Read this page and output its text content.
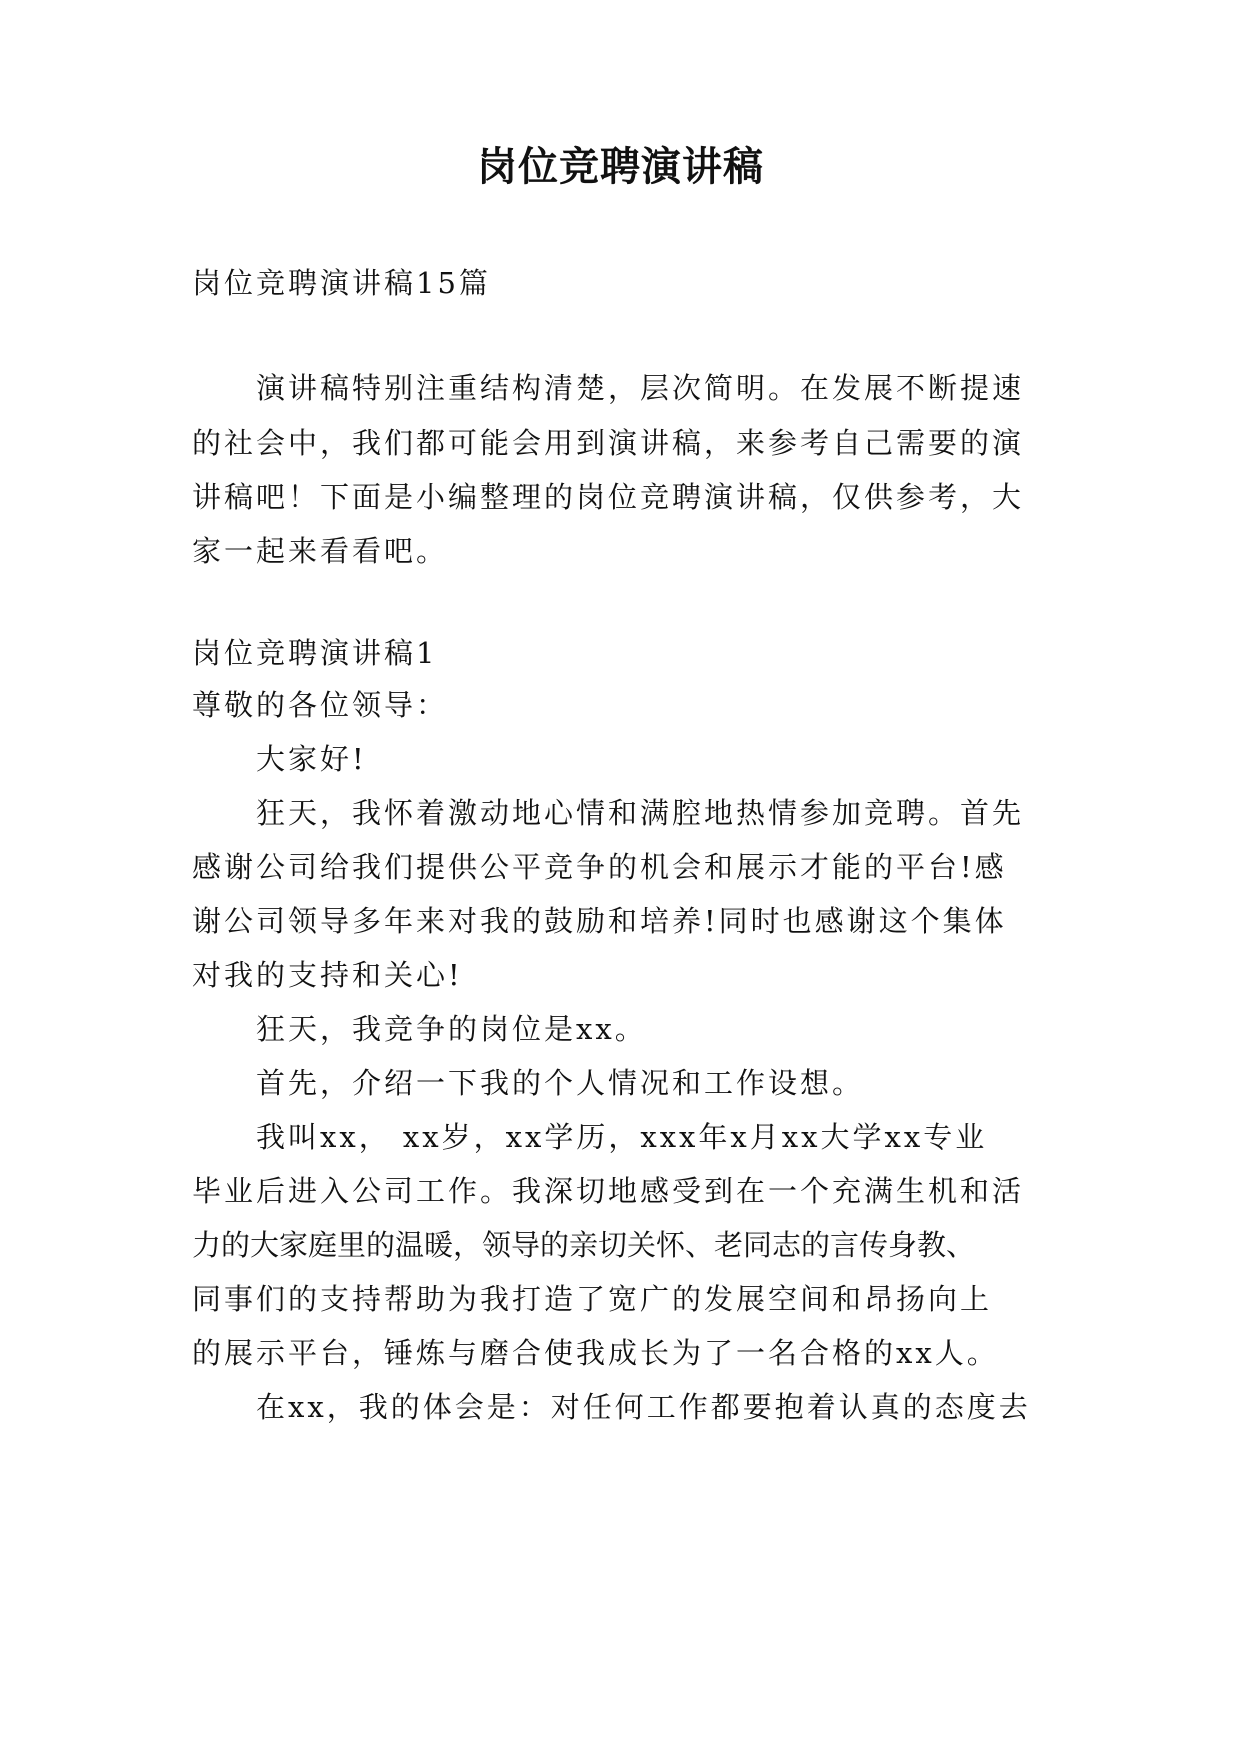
岗位竞聘演讲稿
岗位竞聘演讲稿15篇
演讲稿特别注重结构清楚，层次简明。在发展不断提速
的社会中，我们都可能会用到演讲稿，来参考自己需要的演
讲稿吧！下面是小编整理的岗位竞聘演讲稿，仅供参考，大
家一起来看看吧。
岗位竞聘演讲稿1
尊敬的各位领导：
大家好!
狂天，我怀着激动地心情和满腔地热情参加竞聘。首先
感谢公司给我们提供公平竞争的机会和展示才能的平台!感
谢公司领导多年来对我的鼓励和培养!同时也感谢这个集体
对我的支持和关心!
狂天，我竞争的岗位是xx。
首先，介绍一下我的个人情况和工作设想。
我叫xx， xx岁，xx学历，xxx年x月xx大学xx专业
毕业后进入公司工作。我深切地感受到在一个充满生机和活
力的大家庭里的温暖，领导的亲切关怀、老同志的言传身教、
同事们的支持帮助为我打造了宽广的发展空间和昂扬向上
的展示平台，锤炼与磨合使我成长为了一名合格的xx人。
在xx，我的体会是：对任何工作都要抱着认真的态度去
